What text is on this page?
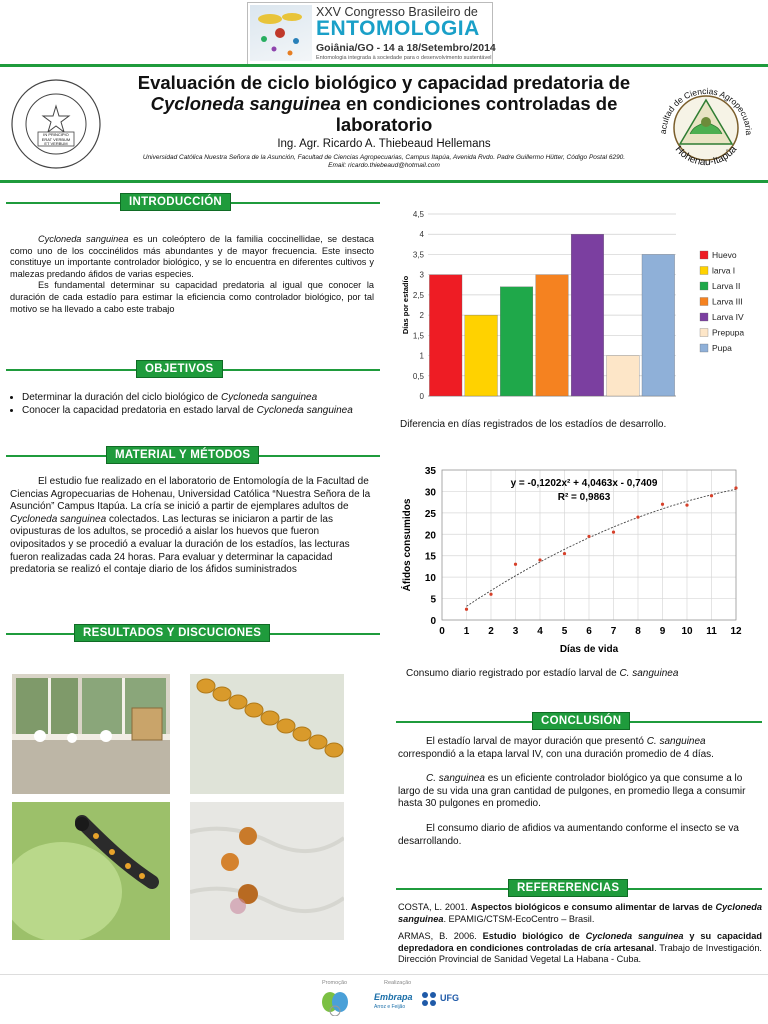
XXV Congresso Brasileiro de
ENTOMOLOGIA
Goiânia/GO - 14 a 18/Setembro/2014
Entomologia integrada à sociedade para o desenvolvimento sustentável
IN PRINCIPIO
ERAT VERBUM
ET VERBUM
Evaluación de ciclo biológico y capacidad predatoria de
Cycloneda sanguinea en condiciones controladas de
laboratorio
Ing. Agr. Ricardo A. Thiebeaud Hellemans
Universidad Católica Nuestra Señora de la Asunción, Facultad de Ciencias Agropecuarias, Campus Itapúa, Avenida Rvdo. Padre Guillermo Hütter, Código Postal 6290.
Email: ricardo.thiebeaud@hotmail.com
acultad de Ciencias Agropecuaria
Hohenau-Itapúa
INTRODUCCIÓN

Cycloneda sanguinea es un coleóptero de la familia coccinellidae, se destaca como uno de los coccinélidos más abundantes y de mayor frecuencia. Este insecto constituye un importante controlador biológico, y se lo encuentra en diferentes cultivos y malezas predando áfidos de varias especies.

Es fundamental determinar su capacidad predatoria al igual que conocer la duración de cada estadío para estimar la eficiencia como controlador biológico, por tal motivo se ha llevado a cabo este trabajo

OBJETIVOS
• Determinar la duración del ciclo biológico de Cycloneda sanguinea
• Conocer la capacidad predatoria en estado larval de Cycloneda sanguinea
MATERIAL Y MÉTODOS

El estudio fue realizado en el laboratorio de Entomología de la Facultad de Ciencias Agropecuarias de Hohenau, Universidad Católica “Nuestra Señora de la Asunción” Campus Itapúa. La cría se inició a partir de ejemplares adultos de Cycloneda sanguinea colectados. Las lecturas se iniciaron a partir de las ovipusturas de los adultos, se procedió a aislar los huevos que fueron ovipositados y se procedió a evaluar la duración de los estadíos, las lecturas fueron realizadas cada 24 horas. Para evaluar y determinar la capacidad predatoria se realizó el contaje diario de los áfidos suministrados

RESULTADOS Y DISCUCIONES
0
0,5
1
1,5
2
2,5
3
3,5
4
4,5
Días por estadío
Huevo
larva I
Larva II
Larva III
Larva IV
Prepupa
Pupa
Diferencia en días registrados de los estadíos de desarrollo.
0
5
10
15
20
25
30
35
0 1 2 3 4 5 6 7 8 9 10 11 12
y = -0,1202x² + 4,0463x - 0,7409
R² = 0,9863
Días de vida
Áfidos consumidos
Consumo diario registrado por estadío larval de C. sanguinea
CONCLUSIÓN

El estadío larval de mayor duración que presentó C. sanguinea correspondió a la etapa larval IV, con una duración promedio de 4 días.

C. sanguinea es un eficiente controlador biológico ya que consume a lo largo de su vida una gran cantidad de pulgones, en promedio llega a consumir hasta 30 pulgones en promedio.

El consumo diario de afidios va aumentando conforme el insecto se va desarrollando.

REFERERENCIAS

COSTA, L. 2001. Aspectos biológicos e consumo alimentar de larvas de Cycloneda sanguinea. EPAMIG/CTSM-EcoCentro – Brasil.

ARMAS, B. 2006. Estudio biológico de Cycloneda sanguinea y su capacidad depredadora en condiciones controladas de cría artesanal. Trabajo de Investigación. Dirección Provincial de Sanidad Vegetal La Habana - Cuba.

Promoção	Realização
Embrapa
Arroz e Feijão
UFG
